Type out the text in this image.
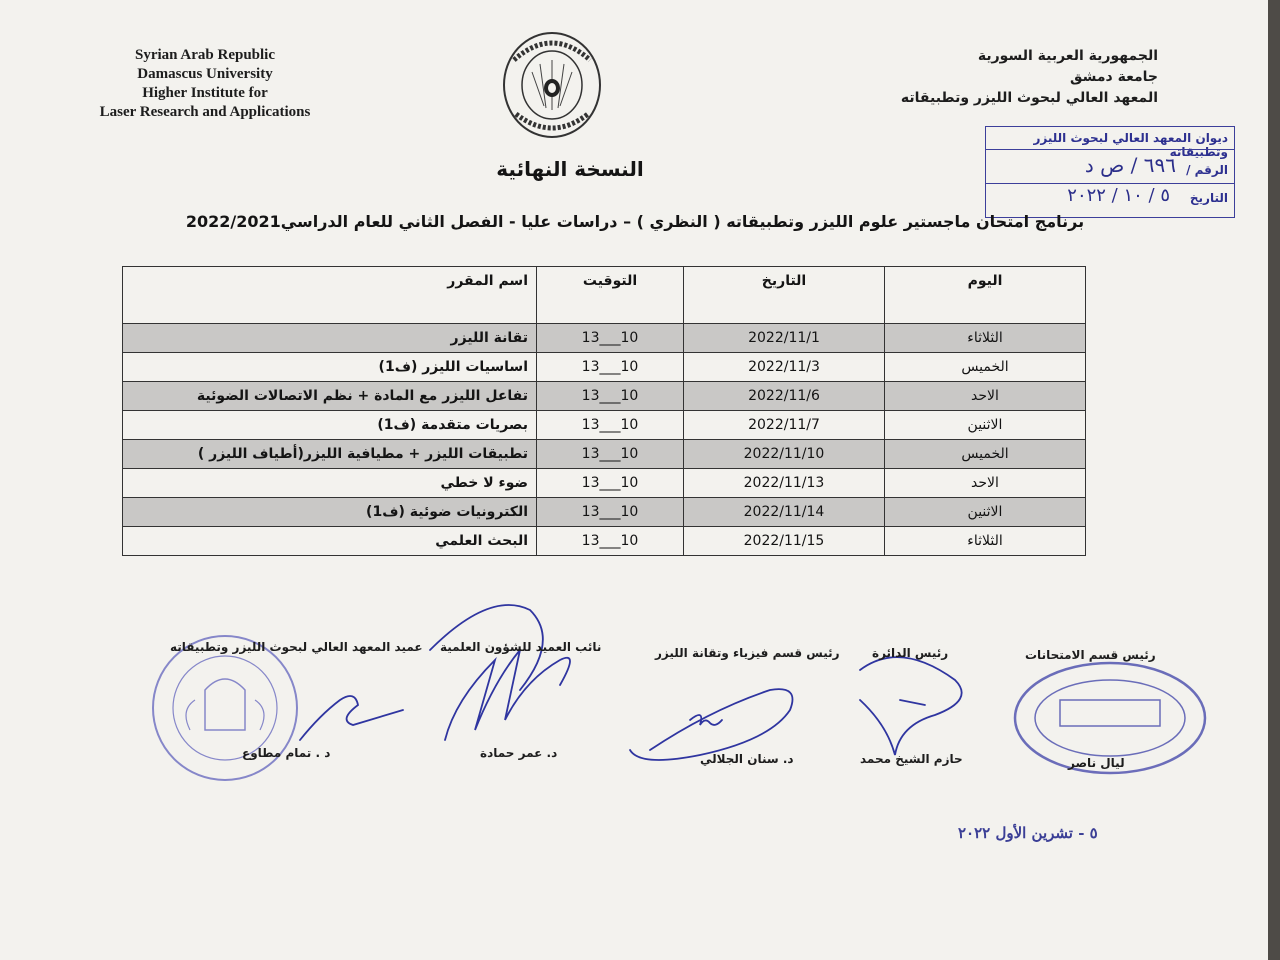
Syrian Arab Republic
Damascus University
Higher Institute for
Laser Research and Applications
الجمهورية العربية السورية
جامعة دمشق
المعهد العالي لبحوث الليزر وتطبيقاته
ديوان المعهد العالي لبحوث الليزر وتطبيقاته
الرقم /
٦٩٦ / ص د
التاريخ
٥ / ١٠ / ٢٠٢٢
النسخة النهائية
برنامج امتحان ماجستير علوم الليزر وتطبيقاته ( النظري ) – دراسات عليا - الفصل الثاني للعام الدراسي2022/2021
اليوم	التاريخ	التوقيت	اسم المقرر
الثلاثاء	2022/11/1	10___13	تقانة الليزر
الخميس	2022/11/3	10___13	اساسيات الليزر (ف1)
الاحد	2022/11/6	10___13	تفاعل الليزر مع المادة + نظم الاتصالات الضوئية
الاثنين	2022/11/7	10___13	بصريات متقدمة (ف1)
الخميس	2022/11/10	10___13	تطبيقات الليزر + مطيافية الليزر(أطياف الليزر )
الاحد	2022/11/13	10___13	ضوء لا خطي
الاثنين	2022/11/14	10___13	الكترونيات ضوئية (ف1)
الثلاثاء	2022/11/15	10___13	البحث العلمي
رئيس قسم الامتحانات
ليال ناصر
رئيس الدائرة
حازم الشيخ محمد
رئيس قسم فيزياء وتقانة الليزر
د. سنان الجلالي
نائب العميد للشؤون العلمية
د. عمر حمادة
عميد المعهد العالي لبحوث الليزر وتطبيقاته
د . تمام مطاوع
٥ - تشرين الأول ٢٠٢٢
